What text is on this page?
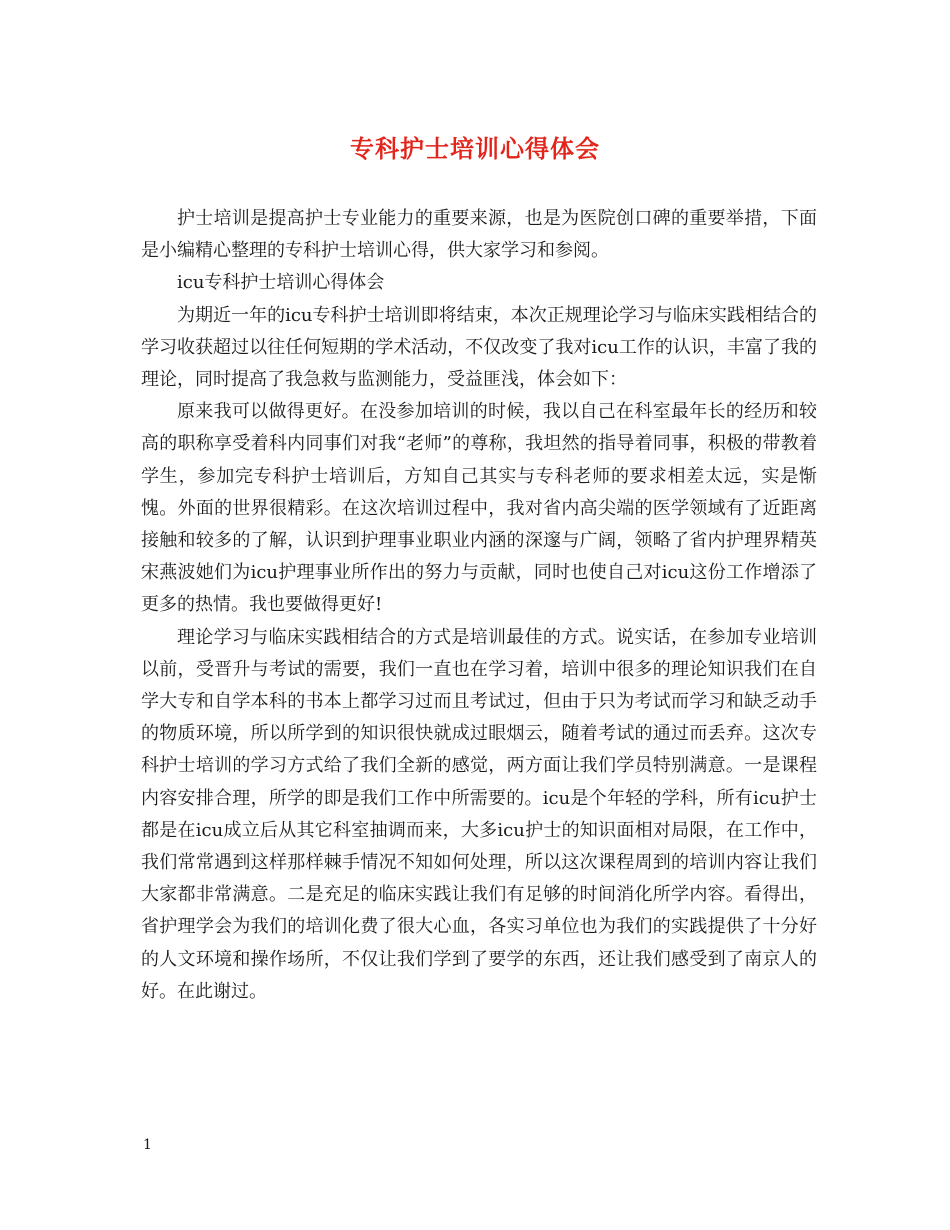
专科护士培训心得体会

护士培训是提高护士专业能力的重要来源，也是为医院创口碑的重要举措，下面是小编精心整理的专科护士培训心得，供大家学习和参阅。

icu专科护士培训心得体会

为期近一年的icu专科护士培训即将结束，本次正规理论学习与临床实践相结合的学习收获超过以往任何短期的学术活动，不仅改变了我对icu工作的认识，丰富了我的理论，同时提高了我急救与监测能力，受益匪浅，体会如下：

原来我可以做得更好。在没参加培训的时候，我以自己在科室最年长的经历和较高的职称享受着科内同事们对我“老师”的尊称，我坦然的指导着同事，积极的带教着学生，参加完专科护士培训后，方知自己其实与专科老师的要求相差太远，实是惭愧。外面的世界很精彩。在这次培训过程中，我对省内高尖端的医学领域有了近距离接触和较多的了解，认识到护理事业职业内涵的深邃与广阔，领略了省内护理界精英宋燕波她们为icu护理事业所作出的努力与贡献，同时也使自己对icu这份工作增添了更多的热情。我也要做得更好!

理论学习与临床实践相结合的方式是培训最佳的方式。说实话，在参加专业培训以前，受晋升与考试的需要，我们一直也在学习着，培训中很多的理论知识我们在自学大专和自学本科的书本上都学习过而且考试过，但由于只为考试而学习和缺乏动手的物质环境，所以所学到的知识很快就成过眼烟云，随着考试的通过而丢弃。这次专科护士培训的学习方式给了我们全新的感觉，两方面让我们学员特别满意。一是课程内容安排合理，所学的即是我们工作中所需要的。icu是个年轻的学科，所有icu护士都是在icu成立后从其它科室抽调而来，大多icu护士的知识面相对局限，在工作中，我们常常遇到这样那样棘手情况不知如何处理，所以这次课程周到的培训内容让我们大家都非常满意。二是充足的临床实践让我们有足够的时间消化所学内容。看得出，省护理学会为我们的培训化费了很大心血，各实习单位也为我们的实践提供了十分好的人文环境和操作场所，不仅让我们学到了要学的东西，还让我们感受到了南京人的好。在此谢过。

1
